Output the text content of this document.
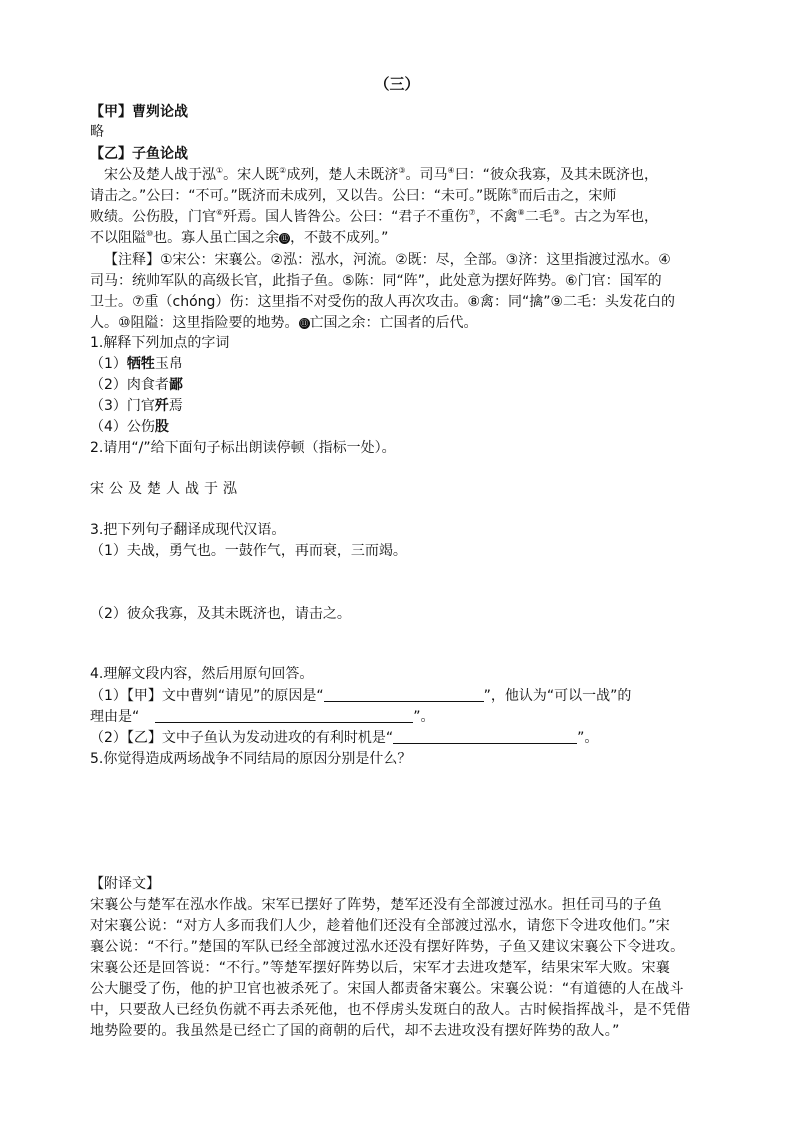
（三）
【甲】曹刿论战
略
【乙】子鱼论战
宋公及楚人战于泓①。宋人既②成列，楚人未既济③。司马④曰：“彼众我寡，及其未既济也，
请击之。”公曰：“不可。”既济而未成列，又以告。公曰：“未可。”既陈⑤而后击之，宋师
败绩。公伤股，门官⑥歼焉。国人皆咎公。公曰：“君子不重伤⑦，不禽⑧二毛⑨。古之为军也，
不以阻隘⑩也。寡人虽亡国之余 ⑪ ，不鼓不成列。”
【注释】①宋公：宋襄公。②泓：泓水，河流。②既：尽，全部。③济：这里指渡过泓水。④
司马：统帅军队的高级长官，此指子鱼。⑤陈：同“阵”，此处意为摆好阵势。⑥门官：国军的
卫士。⑦重（chóng）伤：这里指不对受伤的敌人再次攻击。⑧禽：同“擒”⑨二毛：头发花白的
人。⑩阻隘：这里指险要的地势。 ⑪ 亡国之余：亡国者的后代。
1.解释下列加点的字词
（1）牺牲玉帛
（2）肉食者鄙
（3）门官歼焉
（4）公伤股
2.请用“/”给下面句子标出朗读停顿（指标一处）。
宋公及楚人战于泓
3.把下列句子翻译成现代汉语。
（1）夫战，勇气也。一鼓作气，再而衰，三而竭。
（2）彼众我寡，及其未既济也，请击之。
4.理解文段内容，然后用原句回答。
（1）【甲】文中曹刿“请见”的原因是“	”，他认为“可以一战”的
理由是“	”。
（2）【乙】文中子鱼认为发动进攻的有利时机是“	”。
5.你觉得造成两场战争不同结局的原因分别是什么？
【附译文】
宋襄公与楚军在泓水作战。宋军已摆好了阵势，楚军还没有全部渡过泓水。担任司马的子鱼
对宋襄公说：“对方人多而我们人少，趁着他们还没有全部渡过泓水，请您下令进攻他们。”宋
襄公说：“不行。”楚国的军队已经全部渡过泓水还没有摆好阵势，子鱼又建议宋襄公下令进攻。
宋襄公还是回答说：“不行。”等楚军摆好阵势以后，宋军才去进攻楚军，结果宋军大败。宋襄
公大腿受了伤，他的护卫官也被杀死了。宋国人都责备宋襄公。宋襄公说：“有道德的人在战斗
中，只要敌人已经负伤就不再去杀死他，也不俘虏头发斑白的敌人。古时候指挥战斗，是不凭借
地势险要的。我虽然是已经亡了国的商朝的后代，却不去进攻没有摆好阵势的敌人。”
